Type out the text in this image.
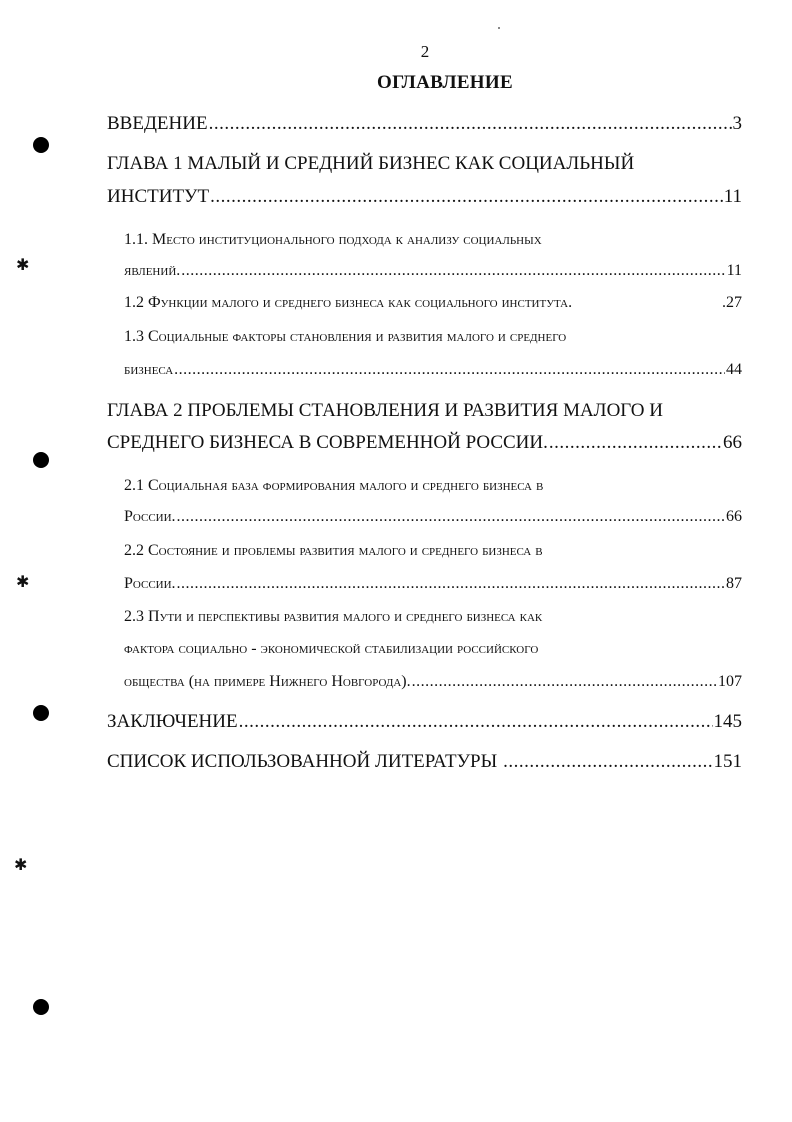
✱
✱
✱
2
ОГЛАВЛЕНИЕ
ВВЕДЕНИЕ .....	3
ГЛАВА 1 МАЛЫЙ И СРЕДНИЙ БИЗНЕС КАК СОЦИАЛЬНЫЙ
ИНСТИТУТ .....	11
1.1. Место институционального подхода к анализу социальных
явлений. .....	11
1.2 Функции малого и среднего бизнеса как социального института.	.27
1.3 Социальные факторы становления и развития малого и среднего
бизнеса .....	44
ГЛАВА 2 ПРОБЛЕМЫ СТАНОВЛЕНИЯ И РАЗВИТИЯ МАЛОГО И
СРЕДНЕГО БИЗНЕСА В СОВРЕМЕННОЙ РОССИИ. .....	66
2.1 Социальная база формирования малого и среднего бизнеса в
России. .....	66
2.2 Состояние и проблемы развития малого и среднего бизнеса в
России. .....	87
2.3 Пути и перспективы развития малого и среднего бизнеса как
фактора социально - экономической стабилизации российского
общества (на примере Нижнего Новгорода). .....	107
ЗАКЛЮЧЕНИЕ .....	145
СПИСОК ИСПОЛЬЗОВАННОЙ ЛИТЕРАТУРЫ .....	151
